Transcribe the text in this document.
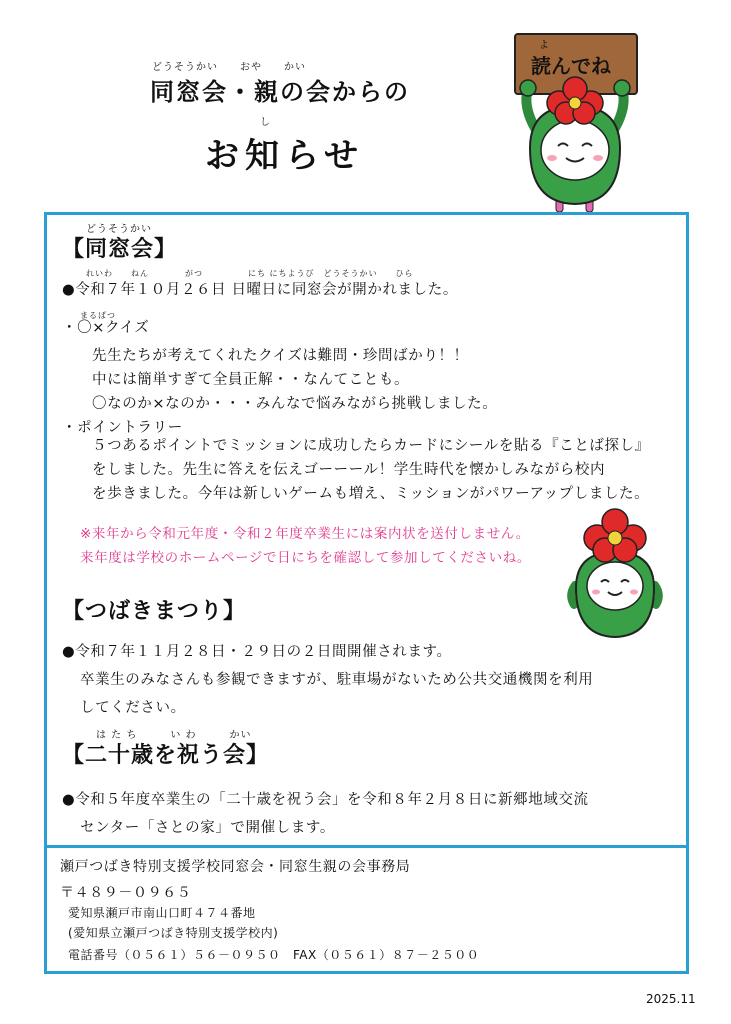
どうそうかい　　おや　　かい
同窓会・親の会からの
し
お知らせ
よ
読んでね
どうそうかい
【同窓会】
れいわ　　ねん　　　　がつ　　　　　にち にちようび　どうそうかい　　ひら
●令和７年１０月２６日 日曜日に同窓会が開かれました。
まるばつ
・〇×クイズ
先生たちが考えてくれたクイズは難問・珍問ばかり！！
中には簡単すぎて全員正解・・なんてことも。
〇なのか×なのか・・・みんなで悩みながら挑戦しました。
・ポイントラリー
５つあるポイントでミッションに成功したらカードにシールを貼る『ことば探し』
をしました。先生に答えを伝えゴーーール！学生時代を懐かしみながら校内
を歩きました。今年は新しいゲームも増え、ミッションがパワーアップしました。
※来年から令和元年度・令和２年度卒業生には案内状を送付しません。
来年度は学校のホームページで日にちを確認して参加してくださいね。
【つばきまつり】
●令和７年１１月２８日・２９日の２日間開催されます。
卒業生のみなさんも参観できますが、駐車場がないため公共交通機関を利用
してください。
は た ち　　　い わ　　　かい
【二十歳を祝う会】
●令和５年度卒業生の「二十歳を祝う会」を令和８年２月８日に新郷地域交流
センター「さとの家」で開催します。
瀬戸つばき特別支援学校同窓会・同窓生親の会事務局
〒４８９－０９６５
愛知県瀬戸市南山口町４７４番地
(愛知県立瀬戸つばき特別支援学校内)
電話番号（０５６１）５６－０９５０　FAX（０５６１）８７－２５００
2025.11
